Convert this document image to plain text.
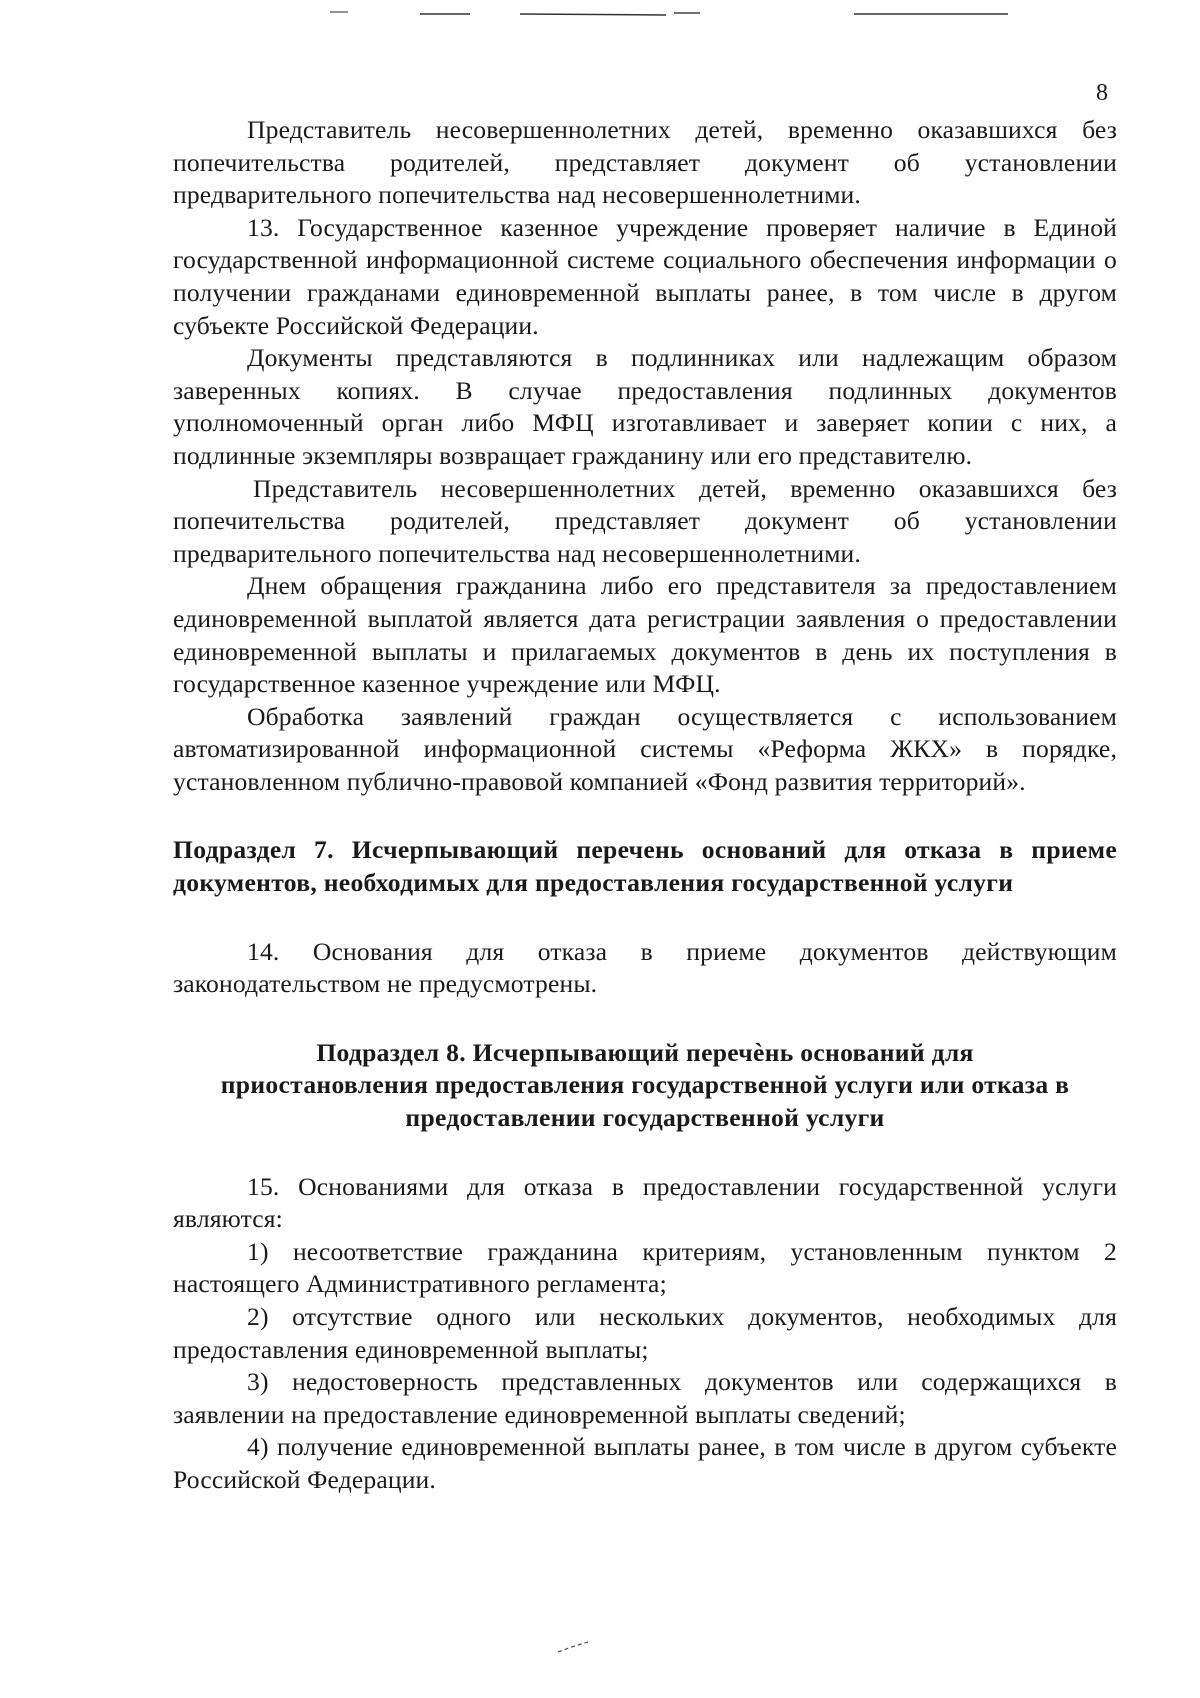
8

Представитель несовершеннолетних детей, временно оказавшихся без попечительства родителей, представляет документ об установлении предварительного попечительства над несовершеннолетними.

13. Государственное казенное учреждение проверяет наличие в Единой государственной информационной системе социального обеспечения информации о получении гражданами единовременной выплаты ранее, в том числе в другом субъекте Российской Федерации.

Документы представляются в подлинниках или надлежащим образом заверенных копиях. В случае предоставления подлинных документов уполномоченный орган либо МФЦ изготавливает и заверяет копии с них, а подлинные экземпляры возвращает гражданину или его представителю.

Представитель несовершеннолетних детей, временно оказавшихся без попечительства родителей, представляет документ об установлении предварительного попечительства над несовершеннолетними.

Днем обращения гражданина либо его представителя за предоставлением единовременной выплатой является дата регистрации заявления о предоставлении единовременной выплаты и прилагаемых документов в день их поступления в государственное казенное учреждение или МФЦ.

Обработка заявлений граждан осуществляется с использованием автоматизированной информационной системы «Реформа ЖКХ» в порядке, установленном публично-правовой компанией «Фонд развития территорий».

Подраздел 7. Исчерпывающий перечень оснований для отказа в приеме документов, необходимых для предоставления государственной услуги

14. Основания для отказа в приеме документов действующим законодательством не предусмотрены.

Подраздел 8. Исчерпывающий перечѐнь оснований для
приостановления предоставления государственной услуги или отказа в
предоставлении государственной услуги

15. Основаниями для отказа в предоставлении государственной услуги являются:

1) несоответствие гражданина критериям, установленным пунктом 2 настоящего Административного регламента;

2) отсутствие одного или нескольких документов, необходимых для предоставления единовременной выплаты;

3) недостоверность представленных документов или содержащихся в заявлении на предоставление единовременной выплаты сведений;

4) получение единовременной выплаты ранее, в том числе в другом субъекте Российской Федерации.
